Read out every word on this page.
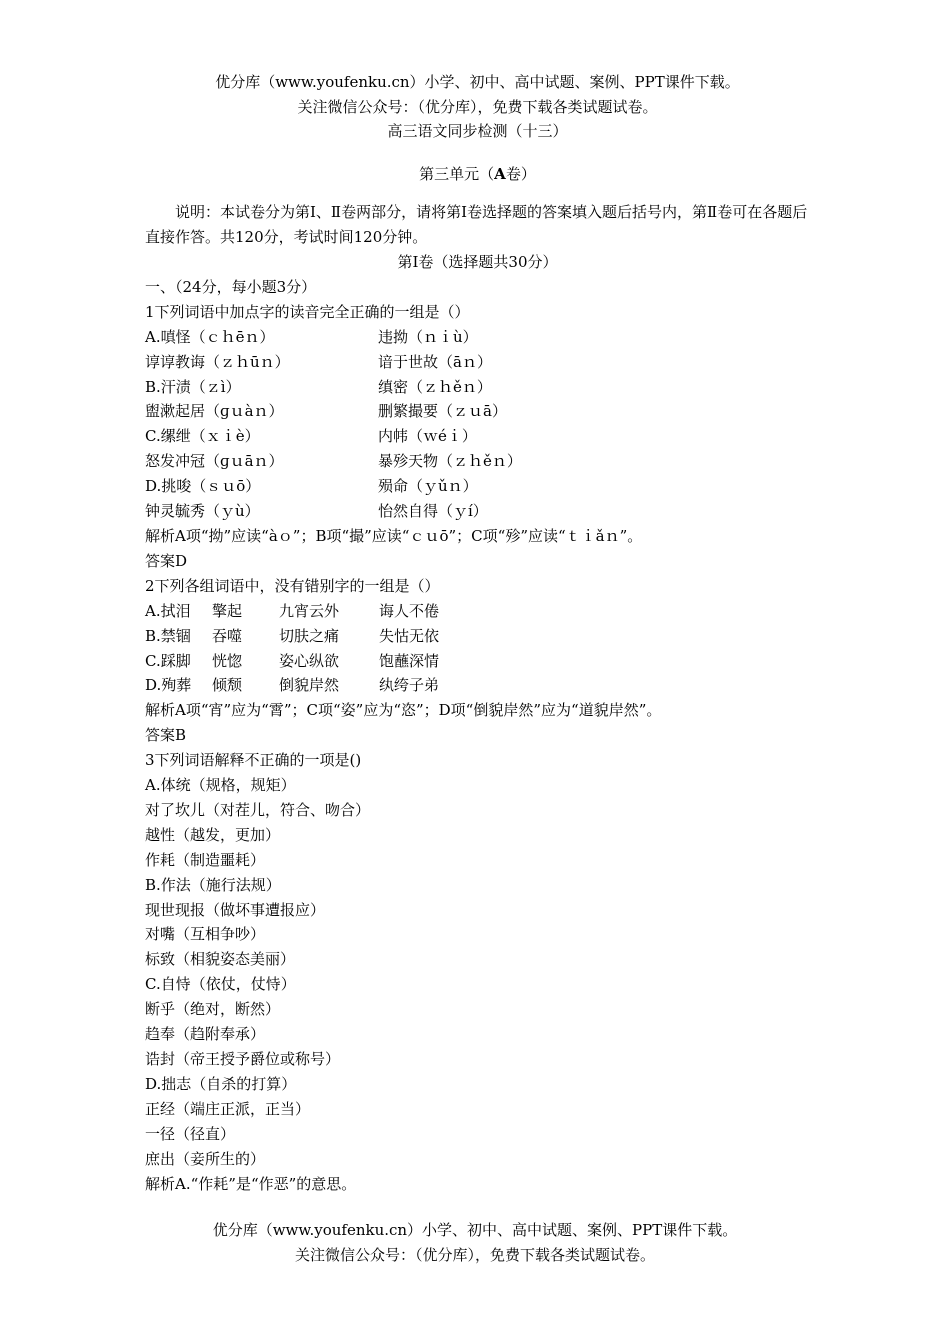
优分库（www.youfenku.cn）小学、初中、高中试题、案例、PPT课件下载。
关注微信公众号：（优分库），免费下载各类试题试卷。
高三语文同步检测（十三）
第三单元（A卷）
说明：本试卷分为第Ⅰ、Ⅱ卷两部分，请将第Ⅰ卷选择题的答案填入题后括号内，第Ⅱ卷可在各题后直接作答。共120分，考试时间120分钟。
第Ⅰ卷（选择题共30分）
一、（24分，每小题3分）
1下列词语中加点字的读音完全正确的一组是（）
A.嗔怪（ｃｈēｎ）	违拗（ｎｉù）
谆谆教诲（ｚｈūｎ）	谙于世故（āｎ）
B.汗渍（ｚì）	缜密（ｚｈěｎ）
盥漱起居（ɡｕàｎ）	删繁撮要（ｚｕā）
C.缧绁（ｘｉè）	内帏（ｗéｉ）
怒发冲冠（ɡｕāｎ）	暴殄天物（ｚｈěｎ）
D.挑唆（ｓｕō）	殒命（ｙǔｎ）
钟灵毓秀（ｙù）	怡然自得（ｙí）
解析A项“拗”应读“àｏ”；B项“撮”应读“ｃｕō”；C项“殄”应读“ｔｉǎｎ”。
答案D
2下列各组词语中，没有错别字的一组是（）
A.拭泪 擎起 九宵云外	诲人不倦
B.禁锢 吞噬 切肤之痛	失怙无依
C.踩脚 恍惚 姿心纵欲	饱蘸深情
D.殉葬 倾颓 倒貌岸然	纨绔子弟
解析A项“宵”应为“霄”；C项“姿”应为“恣”；D项“倒貌岸然”应为“道貌岸然”。
答案B
3下列词语解释不正确的一项是()
A.体统（规格，规矩）
对了坎儿（对茬儿，符合、吻合）
越性（越发，更加）
作耗（制造噩耗）
B.作法（施行法规）
现世现报（做坏事遭报应）
对嘴（互相争吵）
标致（相貌姿态美丽）
C.自恃（依仗，仗恃）
断乎（绝对，断然）
趋奉（趋附奉承）
诰封（帝王授予爵位或称号）
D.拙志（自杀的打算）
正经（端庄正派，正当）
一径（径直）
庶出（妾所生的）
解析A.“作耗”是“作恶”的意思。
优分库（www.youfenku.cn）小学、初中、高中试题、案例、PPT课件下载。
关注微信公众号：（优分库），免费下载各类试题试卷。
